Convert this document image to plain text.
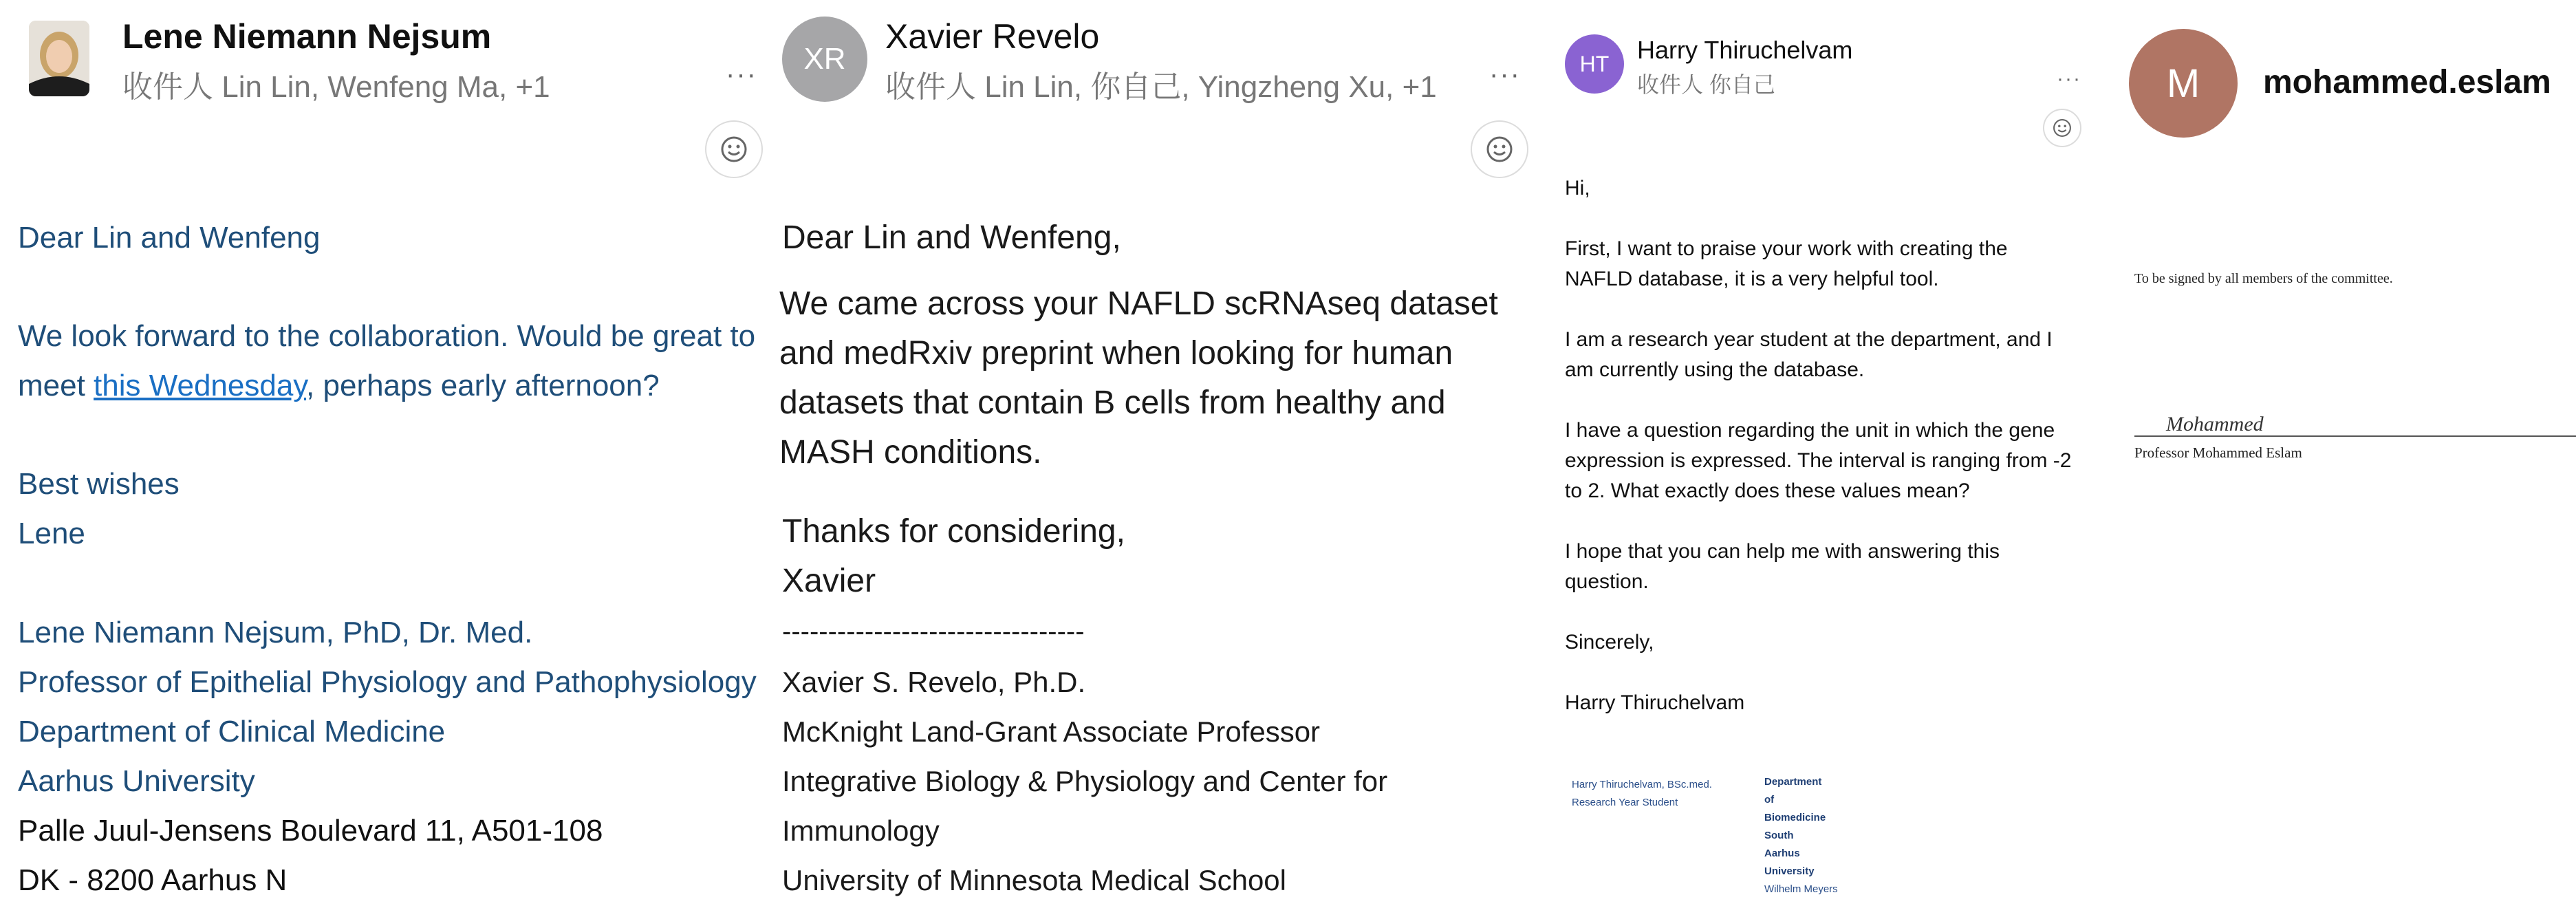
Lene Niemann Nejsum
收件人 Lin Lin, Wenfeng Ma, +1	···
Dear Lin and Wenfeng
We look forward to the collaboration. Would be great to
meet this Wednesday, perhaps early afternoon?
Best wishes
Lene
Lene Niemann Nejsum, PhD, Dr. Med.
Professor of Epithelial Physiology and Pathophysiology
Department of Clinical Medicine
Aarhus University
Palle Juul-Jensens Boulevard 11, A501-108
DK - 8200 Aarhus N
XR
Xavier Revelo
收件人 Lin Lin, 你自己, Yingzheng Xu, +1 ···
Dear Lin and Wenfeng,
We came across your NAFLD scRNAseq dataset
and medRxiv preprint when looking for human
datasets that contain B cells from healthy and
MASH conditions.
Thanks for considering,
Xavier
---------------------------------
Xavier S. Revelo, Ph.D.
McKnight Land-Grant Associate Professor
Integrative Biology & Physiology and Center for
Immunology
University of Minnesota Medical School
HT Harry Thiruchelvam
收件人 你自己	···
Hi,
First, I want to praise your work with creating the
NAFLD database, it is a very helpful tool.
I am a research year student at the department, and I
am currently using the database.
I have a question regarding the unit in which the gene
expression is expressed. The interval is ranging from -2
to 2. What exactly does these values mean?
I hope that you can help me with answering this
question.
Sincerely,
Harry Thiruchelvam
Harry Thiruchelvam, BSc.med.
Research Year Student
Department
of
Biomedicine
South
Aarhus
University
Wilhelm Meyers
M mohammed.eslam
To be signed by all members of the committee.
Mohammed
Professor Mohammed Eslam
